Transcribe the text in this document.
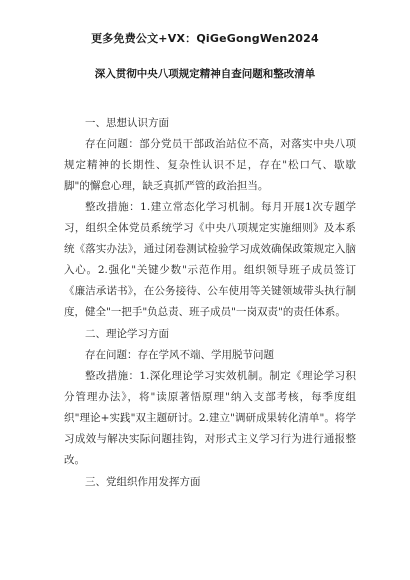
更多免费公文+VX：QiGeGongWen2024
深入贯彻中央八项规定精神自查问题和整改清单

一、思想认识方面

存在问题：部分党员干部政治站位不高，对落实中央八项规定精神的长期性、复杂性认识不足，存在"松口气、歇歇脚"的懈怠心理，缺乏真抓严管的政治担当。

整改措施：1.建立常态化学习机制。每月开展1次专题学习，组织全体党员系统学习《中央八项规定实施细则》及本系统《落实办法》，通过闭卷测试检验学习成效确保政策规定入脑入心。2.强化"关键少数"示范作用。组织领导班子成员签订《廉洁承诺书》，在公务接待、公车使用等关键领域带头执行制度，健全"一把手"负总责、班子成员"一岗双责"的责任体系。

二、理论学习方面

存在问题：存在学风不端、学用脱节问题

整改措施：1.深化理论学习实效机制。制定《理论学习积分管理办法》，将"读原著悟原理"纳入支部考核，每季度组织"理论+实践"双主题研讨。2.建立"调研成果转化清单"。将学习成效与解决实际问题挂钩，对形式主义学习行为进行通报整改。

三、党组织作用发挥方面
